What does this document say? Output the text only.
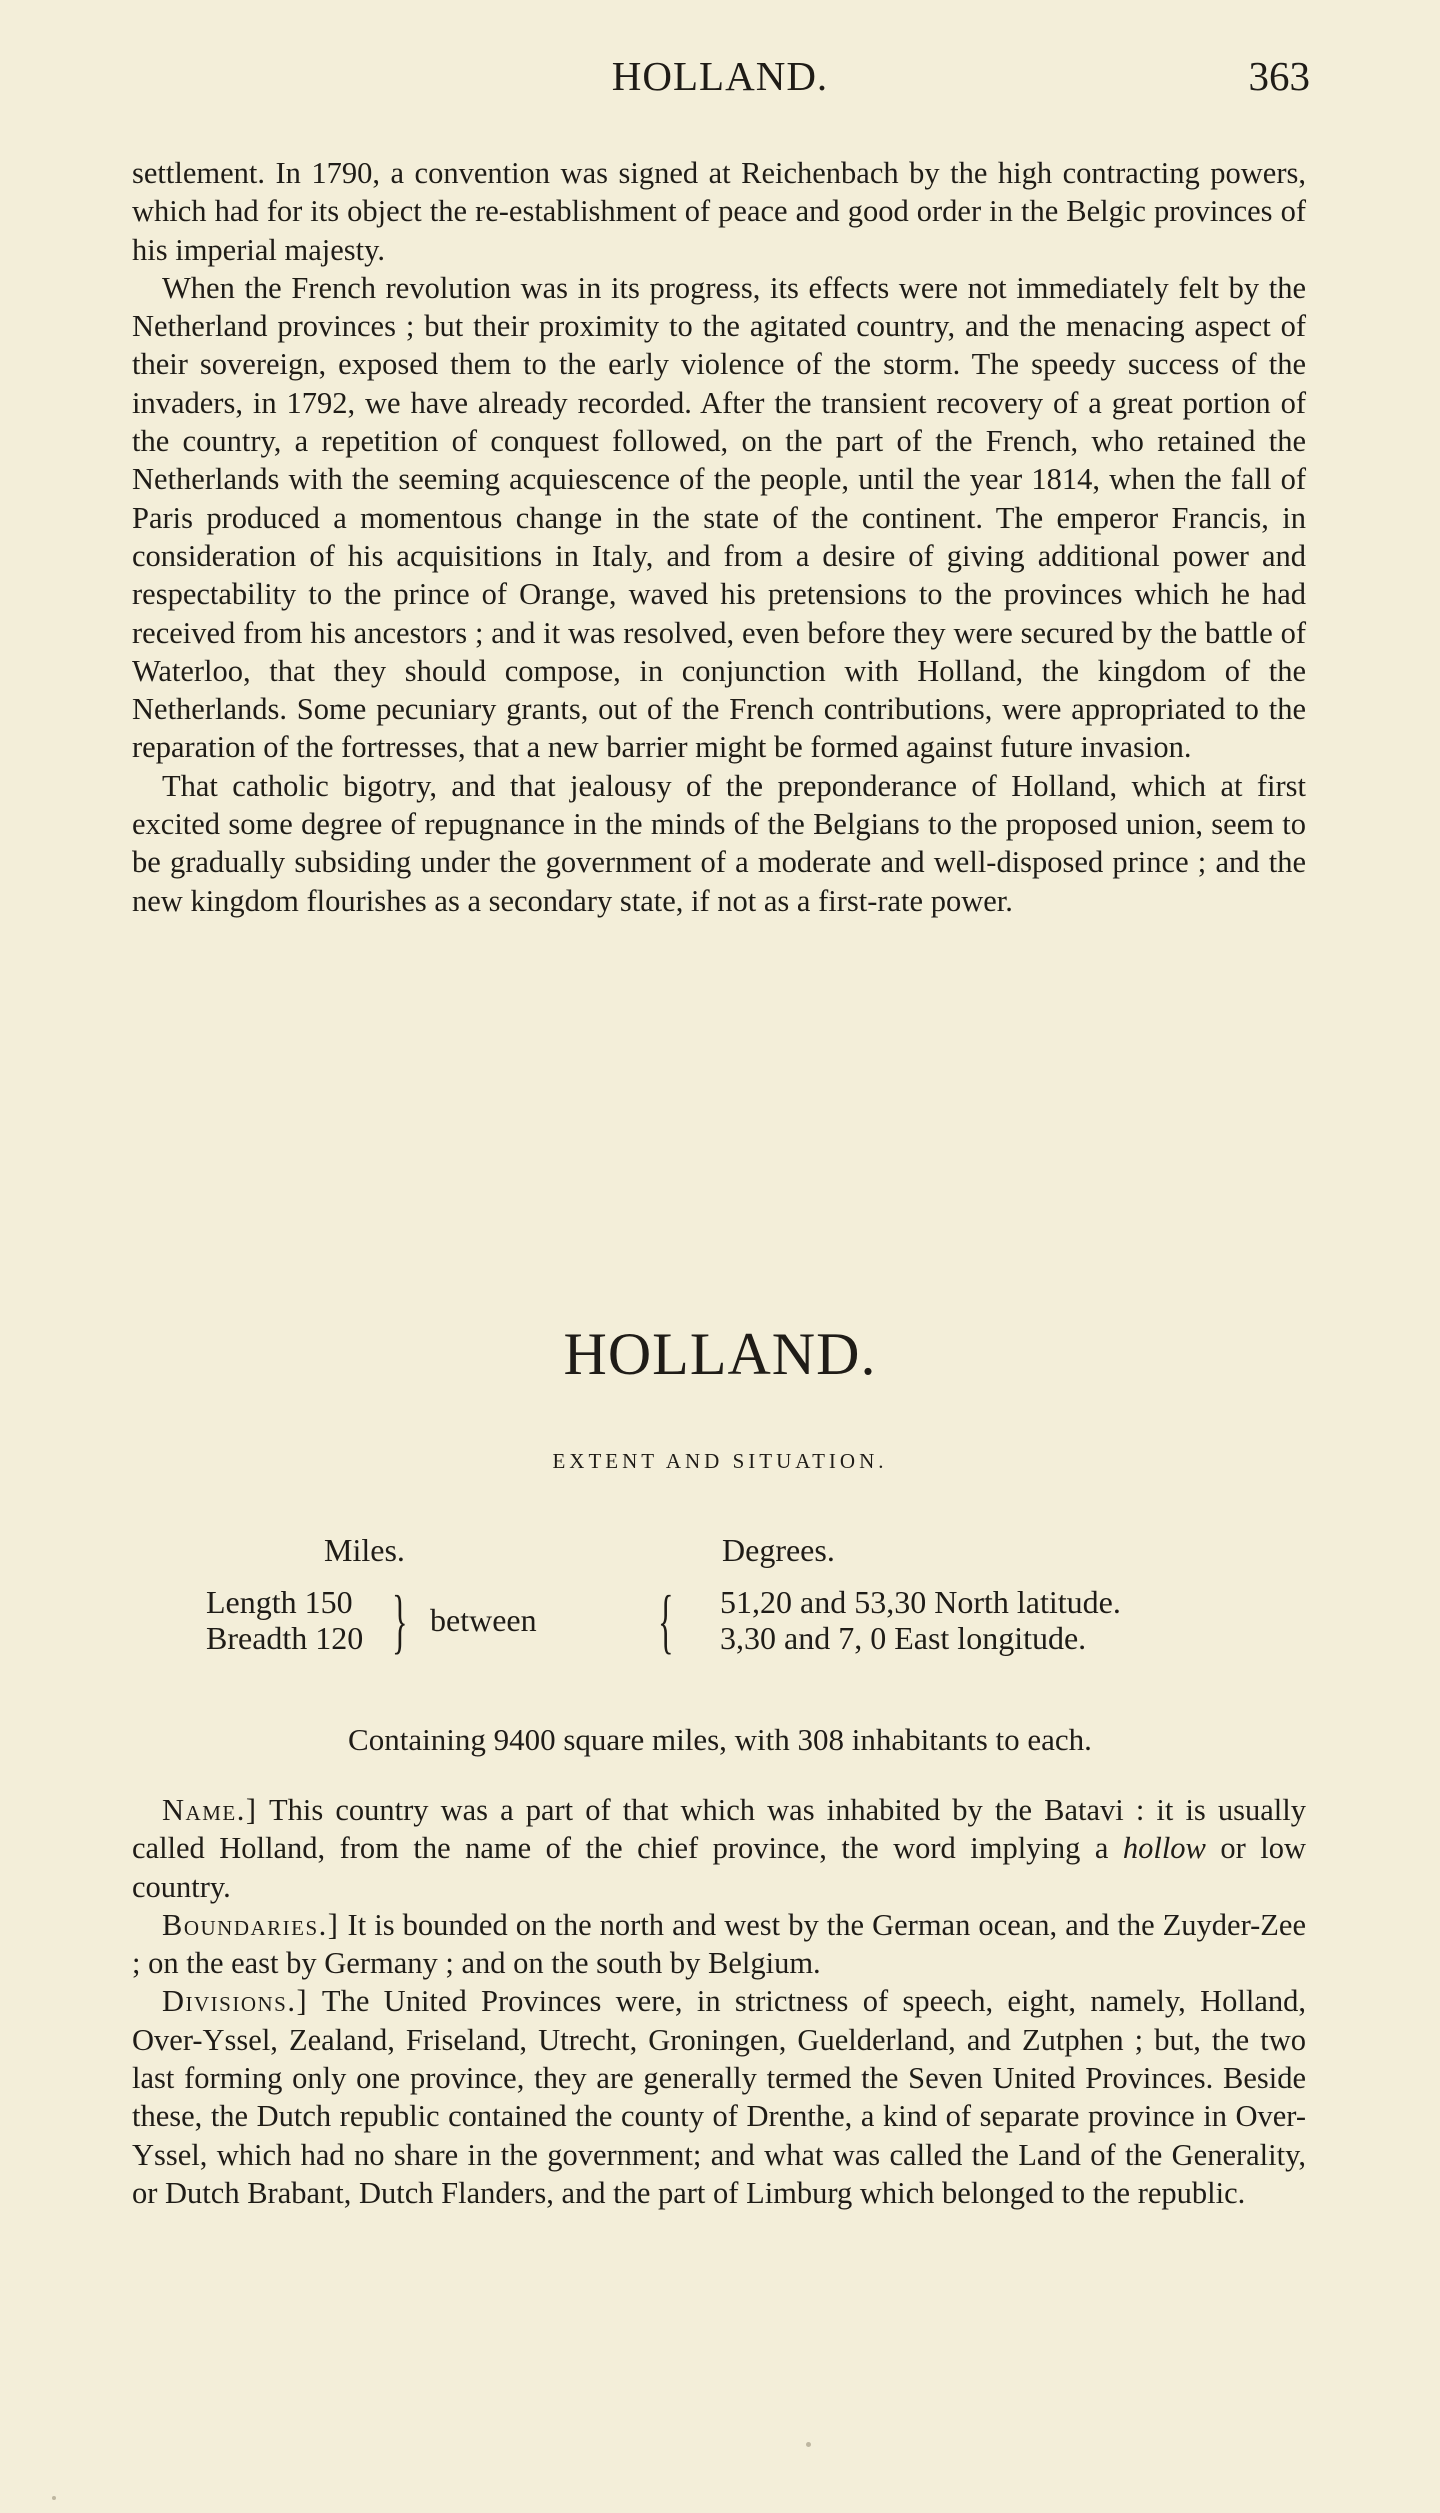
HOLLAND.	363

settlement. In 1790, a convention was signed at Reichenbach by the high contracting powers, which had for its object the re-establishment of peace and good order in the Belgic provinces of his imperial majesty.

When the French revolution was in its progress, its effects were not immediately felt by the Netherland provinces ; but their proximity to the agitated country, and the menacing aspect of their sovereign, exposed them to the early violence of the storm. The speedy success of the invaders, in 1792, we have already recorded. After the transient recovery of a great portion of the country, a repetition of conquest followed, on the part of the French, who retained the Netherlands with the seeming acquiescence of the people, until the year 1814, when the fall of Paris produced a momentous change in the state of the continent. The emperor Francis, in consideration of his acquisitions in Italy, and from a desire of giving additional power and respectability to the prince of Orange, waved his pretensions to the provinces which he had received from his ancestors ; and it was resolved, even before they were secured by the battle of Waterloo, that they should compose, in conjunction with Holland, the kingdom of the Netherlands. Some pecuniary grants, out of the French contributions, were appropriated to the reparation of the fortresses, that a new barrier might be formed against future invasion.

That catholic bigotry, and that jealousy of the preponderance of Holland, which at first excited some degree of repugnance in the minds of the Belgians to the proposed union, seem to be gradually subsiding under the government of a moderate and well-disposed prince ; and the new kingdom flourishes as a secondary state, if not as a first-rate power.

HOLLAND.
EXTENT AND SITUATION.
Miles.	Degrees.
Length 150
Breadth 120 } between { 51,20 and 53,30 North latitude.
3,30 and 7, 0 East longitude.
Containing 9400 square miles, with 308 inhabitants to each.

Name.] This country was a part of that which was inhabited by the Batavi : it is usually called Holland, from the name of the chief province, the word implying a hollow or low country.

Boundaries.] It is bounded on the north and west by the German ocean, and the Zuyder-Zee ; on the east by Germany ; and on the south by Belgium.

Divisions.] The United Provinces were, in strictness of speech, eight, namely, Holland, Over-Yssel, Zealand, Friseland, Utrecht, Groningen, Guelderland, and Zutphen ; but, the two last forming only one province, they are generally termed the Seven United Provinces. Beside these, the Dutch republic contained the county of Drenthe, a kind of separate province in Over-Yssel, which had no share in the government; and what was called the Land of the Generality, or Dutch Brabant, Dutch Flanders, and the part of Limburg which belonged to the republic.
